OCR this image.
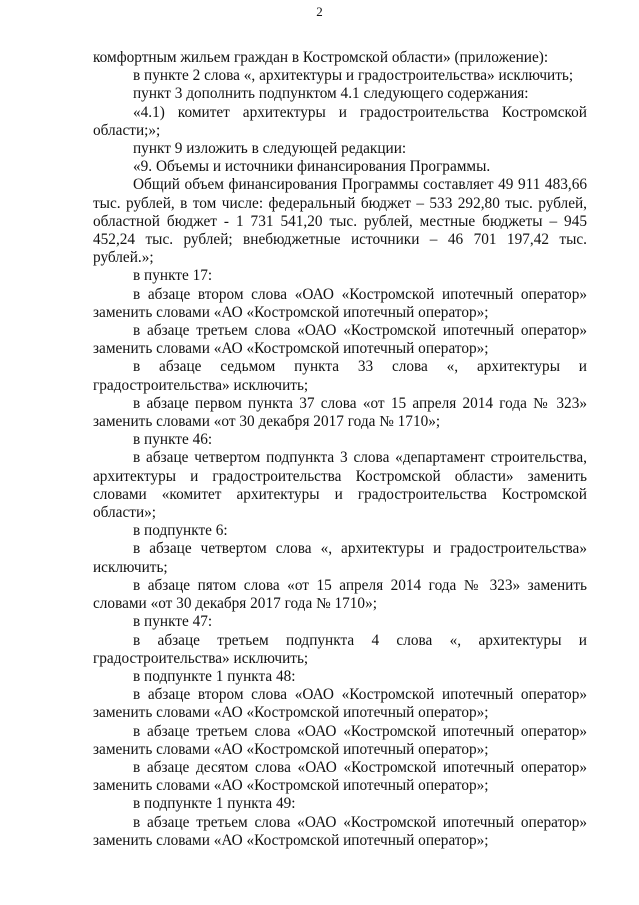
2

комфортным жильем граждан в Костромской области» (приложение):

в пункте 2 слова «, архитектуры и градостроительства» исключить;

пункт 3 дополнить подпунктом 4.1 следующего содержания:

«4.1) комитет архитектуры и градостроительства Костромской области;»;

пункт 9 изложить в следующей редакции:

«9. Объемы и источники финансирования Программы.

Общий объем финансирования Программы составляет 49 911 483,66 тыс. рублей, в том числе: федеральный бюджет – 533 292,80 тыс. рублей, областной бюджет - 1 731 541,20 тыс. рублей, местные бюджеты – 945 452,24 тыс. рублей; внебюджетные источники – 46 701 197,42 тыс. рублей.»;

в пункте 17:

в абзаце втором слова «ОАО «Костромской ипотечный оператор» заменить словами «АО «Костромской ипотечный оператор»;

в абзаце третьем слова «ОАО «Костромской ипотечный оператор» заменить словами «АО «Костромской ипотечный оператор»;

в абзаце седьмом пункта 33 слова «, архитектуры и градостроительства» исключить;

в абзаце первом пункта 37 слова «от 15 апреля 2014 года № 323» заменить словами «от 30 декабря 2017 года № 1710»;

в пункте 46:

в абзаце четвертом подпункта 3 слова «департамент строительства, архитектуры и градостроительства Костромской области» заменить словами «комитет архитектуры и градостроительства Костромской области»;

в подпункте 6:

в абзаце четвертом слова «, архитектуры и градостроительства» исключить;

в абзаце пятом слова «от 15 апреля 2014 года № 323» заменить словами «от 30 декабря 2017 года № 1710»;

в пункте 47:

в абзаце третьем подпункта 4 слова «, архитектуры и градостроительства» исключить;

в подпункте 1 пункта 48:

в абзаце втором слова «ОАО «Костромской ипотечный оператор» заменить словами «АО «Костромской ипотечный оператор»;

в абзаце третьем слова «ОАО «Костромской ипотечный оператор» заменить словами «АО «Костромской ипотечный оператор»;

в абзаце десятом слова «ОАО «Костромской ипотечный оператор» заменить словами «АО «Костромской ипотечный оператор»;

в подпункте 1 пункта 49:

в абзаце третьем слова «ОАО «Костромской ипотечный оператор» заменить словами «АО «Костромской ипотечный оператор»;
